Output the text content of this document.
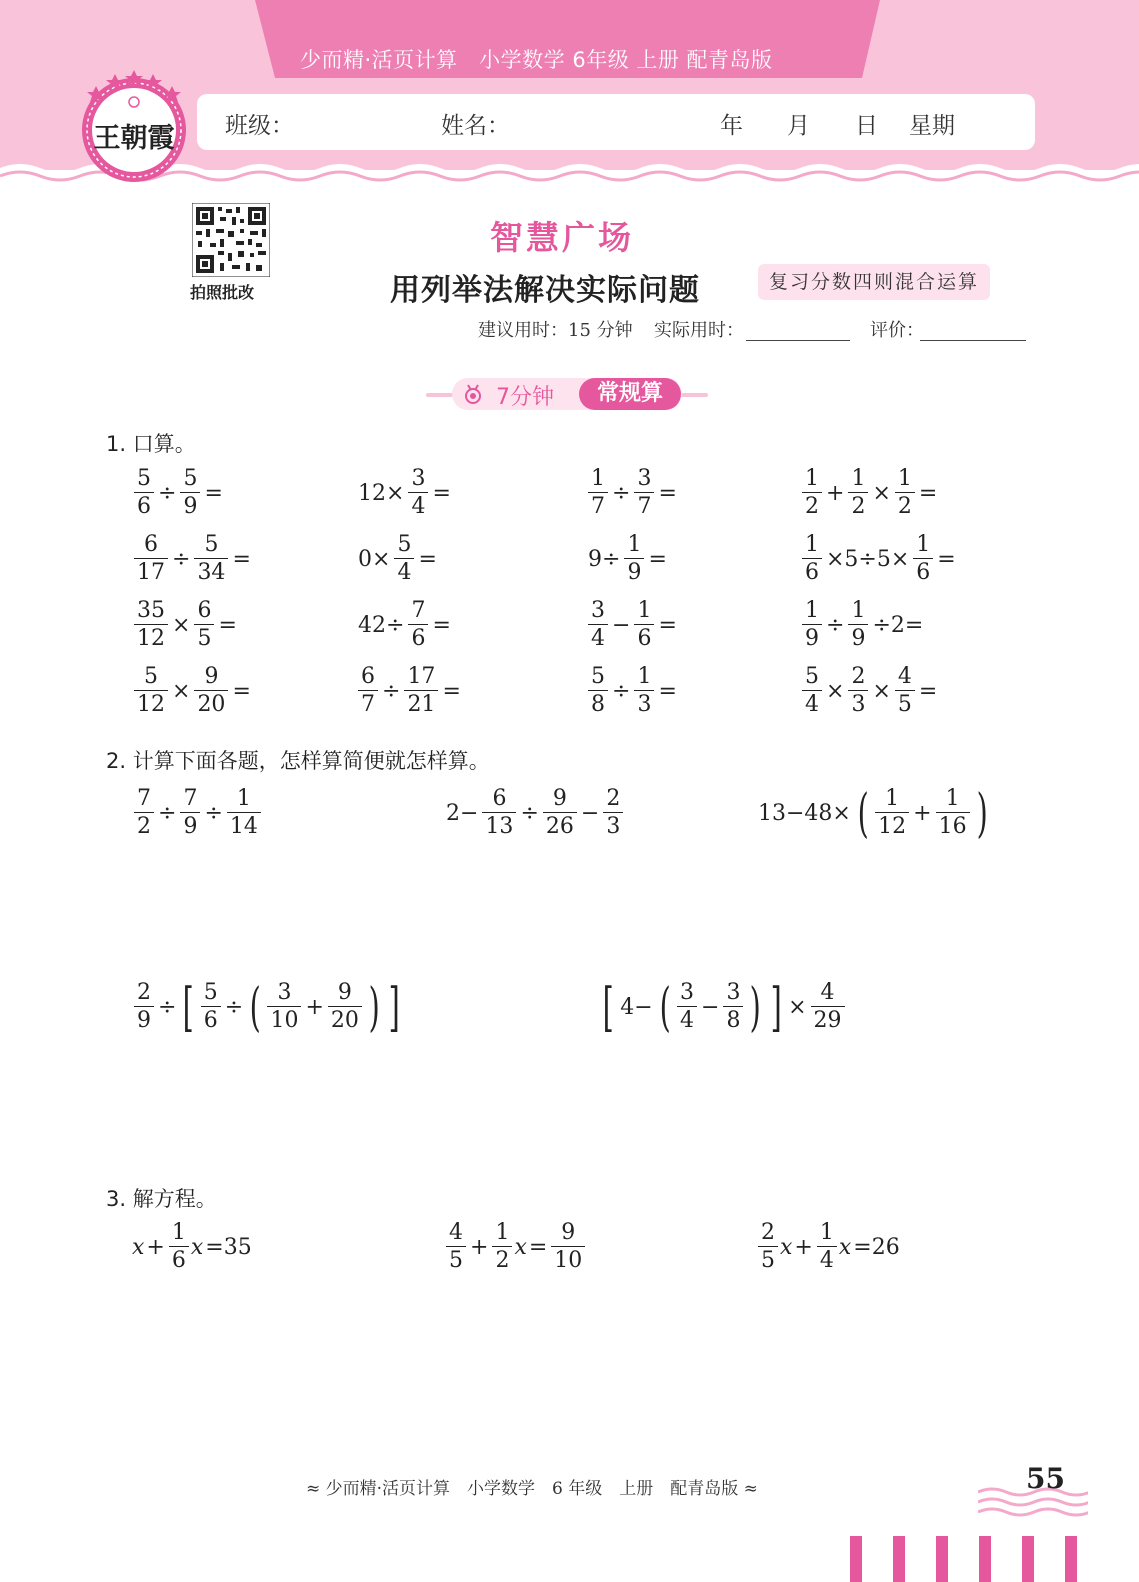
少而精·活页计算　小学数学 6年级 上册 配青岛版
班级：	姓名：	年 月 日 星期
王朝霞
拍照批改
智慧广场
用列举法解决实际问题	复习分数四则混合运算
建议用时：15 分钟 实际用时：	评价：
7分钟	常规算
1. 口算。
2. 计算下面各题，怎样算简便就怎样算。
3. 解方程。
$\frac{5}{6} \div \frac{5}{9}$ =	$12\times \frac{3}{4}$ =	$\frac{1}{7} \div \frac{3}{7}$ =	$\frac{1}{2} + \frac{1}{2} \times \frac{1}{2}$ =
$\frac{6}{17} \div \frac{5}{34}$ =	$0\times \frac{5}{4}$ =	$9\div \frac{1}{9}$ =	$\frac{1}{6} \times 5\div 5\times \frac{1}{6}$ =
$\frac{35}{12} \times \frac{6}{5}$ =	$42\div \frac{7}{6}$ =	$\frac{3}{4} - \frac{1}{6}$ =	$\frac{1}{9} \div \frac{1}{9} \div 2=$
$\frac{5}{12} \times \frac{9}{20}$ =	$\frac{6}{7} \div \frac{17}{21}$ =	$\frac{5}{8} \div \frac{1}{3}$ =	$\frac{5}{4} \times \frac{2}{3} \times \frac{4}{5}$ =
$\frac{7}{2} \div \frac{7}{9} \div \frac{1}{14}$	$2- \frac{6}{13} \div \frac{9}{26} - \frac{2}{3}$	13−48× ( $\frac{1}{12} + \frac{1}{16}$ )
$\frac{2}{9}$ ÷ [ $\frac{5}{6}$ ÷ ( $\frac{3}{10} + \frac{9}{20}$ ) ]	[ 4− ( $\frac{3}{4} - \frac{3}{8}$ ) ] × $\frac{4}{29}$
$x + \frac{1}{6}$ x =35	$\frac{4}{5} + \frac{1}{2}$ $x = \frac{9}{10}$	$\frac{2}{5}$ $x + \frac{1}{4}$ x =26
≈ 少而精·活页计算　小学数学　6 年级　上册　配青岛版 ≈	55
